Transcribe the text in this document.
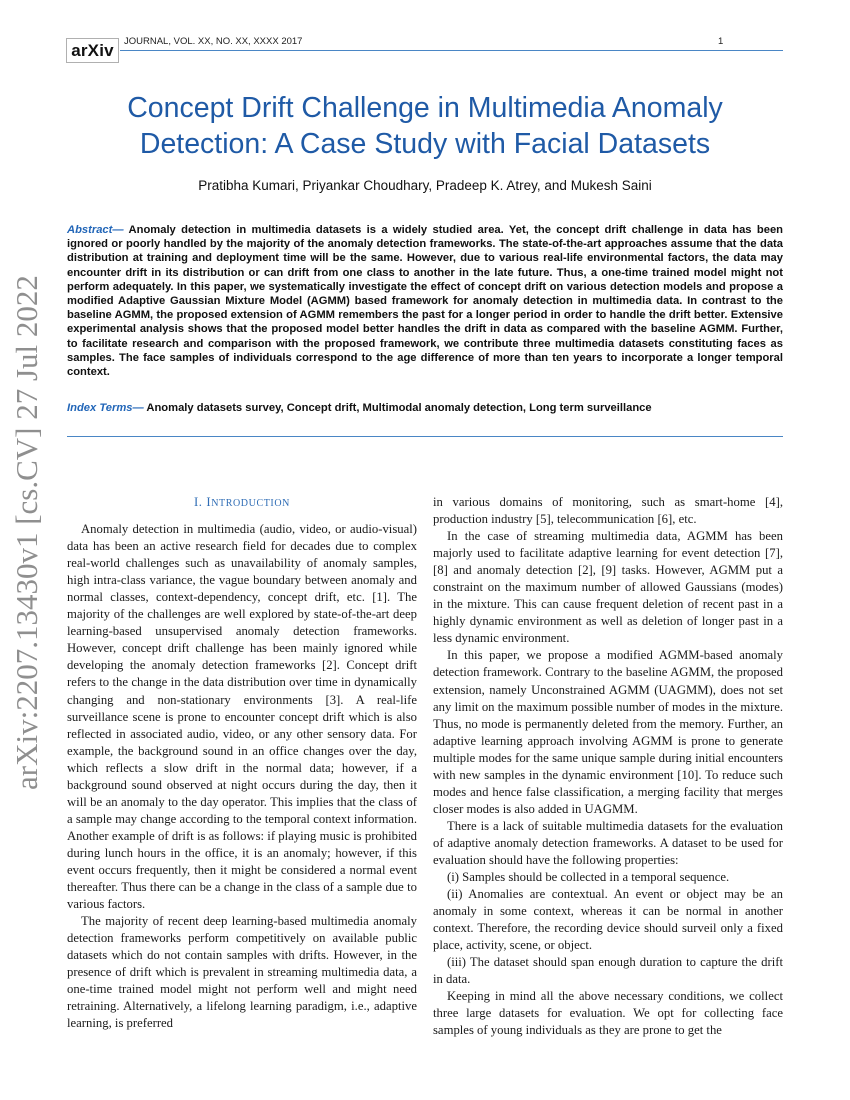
arXiv	JOURNAL, VOL. XX, NO. XX, XXXX 2017	1
arXiv:2207.13430v1 [cs.CV] 27 Jul 2022
Concept Drift Challenge in Multimedia Anomaly Detection: A Case Study with Facial Datasets
Pratibha Kumari, Priyankar Choudhary, Pradeep K. Atrey, and Mukesh Saini
Abstract— Anomaly detection in multimedia datasets is a widely studied area. Yet, the concept drift challenge in data has been ignored or poorly handled by the majority of the anomaly detection frameworks. The state-of-the-art approaches assume that the data distribution at training and deployment time will be the same. However, due to various real-life environmental factors, the data may encounter drift in its distribution or can drift from one class to another in the late future. Thus, a one-time trained model might not perform adequately. In this paper, we systematically investigate the effect of concept drift on various detection models and propose a modified Adaptive Gaussian Mixture Model (AGMM) based framework for anomaly detection in multimedia data. In contrast to the baseline AGMM, the proposed extension of AGMM remembers the past for a longer period in order to handle the drift better. Extensive experimental analysis shows that the proposed model better handles the drift in data as compared with the baseline AGMM. Further, to facilitate research and comparison with the proposed framework, we contribute three multimedia datasets constituting faces as samples. The face samples of individuals correspond to the age difference of more than ten years to incorporate a longer temporal context.
Index Terms— Anomaly datasets survey, Concept drift, Multimodal anomaly detection, Long term surveillance
I. INTRODUCTION

Anomaly detection in multimedia (audio, video, or audio-visual) data has been an active research field for decades due to complex real-world challenges such as unavailability of anomaly samples, high intra-class variance, the vague boundary between anomaly and normal classes, context-dependency, concept drift, etc. [1]. The majority of the challenges are well explored by state-of-the-art deep learning-based unsupervised anomaly detection frameworks. However, concept drift challenge has been mainly ignored while developing the anomaly detection frameworks [2]. Concept drift refers to the change in the data distribution over time in dynamically changing and non-stationary environments [3]. A real-life surveillance scene is prone to encounter concept drift which is also reflected in associated audio, video, or any other sensory data. For example, the background sound in an office changes over the day, which reflects a slow drift in the normal data; however, if a background sound observed at night occurs during the day, then it will be an anomaly to the day operator. This implies that the class of a sample may change according to the temporal context information. Another example of drift is as follows: if playing music is prohibited during lunch hours in the office, it is an anomaly; however, if this event occurs frequently, then it might be considered a normal event thereafter. Thus there can be a change in the class of a sample due to various factors.

The majority of recent deep learning-based multimedia anomaly detection frameworks perform competitively on available public datasets which do not contain samples with drifts. However, in the presence of drift which is prevalent in streaming multimedia data, a one-time trained model might not perform well and might need retraining. Alternatively, a lifelong learning paradigm, i.e., adaptive learning, is preferred

in various domains of monitoring, such as smart-home [4], production industry [5], telecommunication [6], etc.

In the case of streaming multimedia data, AGMM has been majorly used to facilitate adaptive learning for event detection [7], [8] and anomaly detection [2], [9] tasks. However, AGMM put a constraint on the maximum number of allowed Gaussians (modes) in the mixture. This can cause frequent deletion of recent past in a highly dynamic environment as well as deletion of longer past in a less dynamic environment.

In this paper, we propose a modified AGMM-based anomaly detection framework. Contrary to the baseline AGMM, the proposed extension, namely Unconstrained AGMM (UAGMM), does not set any limit on the maximum possible number of modes in the mixture. Thus, no mode is permanently deleted from the memory. Further, an adaptive learning approach involving AGMM is prone to generate multiple modes for the same unique sample during initial encounters with new samples in the dynamic environment [10]. To reduce such modes and hence false classification, a merging facility that merges closer modes is also added in UAGMM.

There is a lack of suitable multimedia datasets for the evaluation of adaptive anomaly detection frameworks. A dataset to be used for evaluation should have the following properties:

(i) Samples should be collected in a temporal sequence.

(ii) Anomalies are contextual. An event or object may be an anomaly in some context, whereas it can be normal in another context. Therefore, the recording device should surveil only a fixed place, activity, scene, or object.

(iii) The dataset should span enough duration to capture the drift in data.

Keeping in mind all the above necessary conditions, we collect three large datasets for evaluation. We opt for collecting face samples of young individuals as they are prone to get the
